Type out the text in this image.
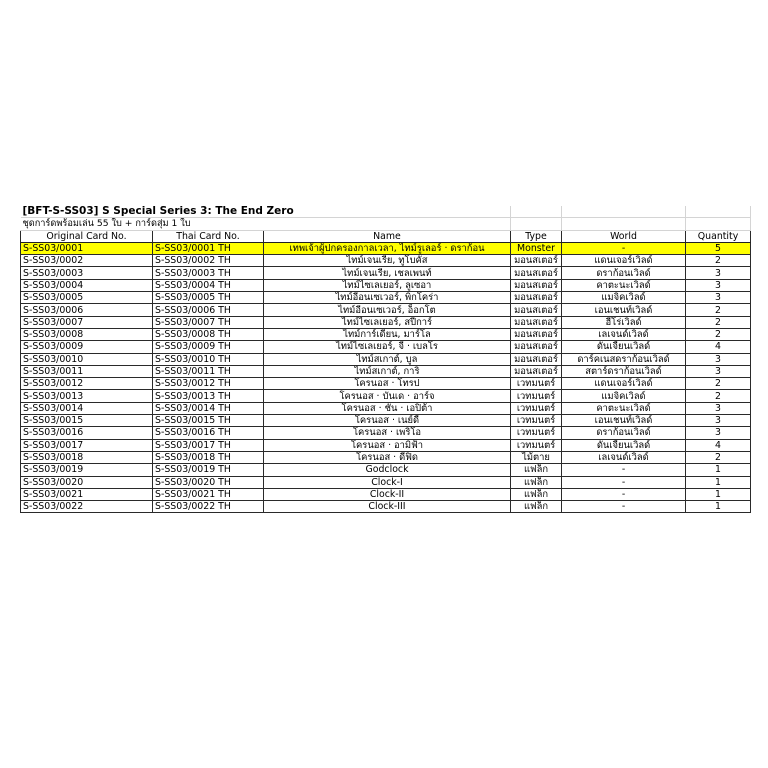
[BFT-S-SS03] S Special Series 3: The End Zero					
ชุดการ์ดพร้อมเล่น 55 ใบ + การ์ดสุ่ม 1 ใบ					
Original Card No.	Thai Card No.	Name	Type	World	Quantity
S-SS03/0001	S-SS03/0001 TH	เทพเจ้าผู้ปกครองกาลเวลา, ไทม์รูเลอร์ · ดราก้อน	Monster	-	5
S-SS03/0002	S-SS03/0002 TH	ไทม์เจนเรีย, ทูโบคัส	มอนสเตอร์	แดนเจอร์เวิลด์	2
S-SS03/0003	S-SS03/0003 TH	ไทม์เจนเรีย, เชลเพนท์	มอนสเตอร์	ดราก้อนเวิลด์	3
S-SS03/0004	S-SS03/0004 TH	ไทม์ไซเลเยอร์, ลูเซอา	มอนสเตอร์	คาตะนะเวิลด์	3
S-SS03/0005	S-SS03/0005 TH	ไทม์อีอนเซเวอร์, พิกโคร่า	มอนสเตอร์	แมจิคเวิลด์	3
S-SS03/0006	S-SS03/0006 TH	ไทม์อีอนเซเวอร์, อ็อกโต	มอนสเตอร์	เอนเชนท์เวิลด์	2
S-SS03/0007	S-SS03/0007 TH	ไทม์ไซเลเยอร์, สปีการ์	มอนสเตอร์	ฮีโร่เวิลด์	2
S-SS03/0008	S-SS03/0008 TH	ไทม์การ์เดียน, มาร์โล	มอนสเตอร์	เลเจนด์เวิลด์	2
S-SS03/0009	S-SS03/0009 TH	ไทม์ไซเลเยอร์, จี · เบลโร	มอนสเตอร์	ดันเจี้ยนเวิลด์	4
S-SS03/0010	S-SS03/0010 TH	ไทม์สเกาต์, บูล	มอนสเตอร์	ดาร์คเนสดราก้อนเวิลด์	3
S-SS03/0011	S-SS03/0011 TH	ไทม์สเกาต์, การิ	มอนสเตอร์	สตาร์ดราก้อนเวิลด์	3
S-SS03/0012	S-SS03/0012 TH	โครนอส · โทรป	เวทมนตร์	แดนเจอร์เวิลด์	2
S-SS03/0013	S-SS03/0013 TH	โครนอส · บันเด · อาร์จ	เวทมนตร์	แมจิคเวิลด์	2
S-SS03/0014	S-SS03/0014 TH	โครนอส · ชัน · เอปิต้า	เวทมนตร์	คาตะนะเวิลด์	3
S-SS03/0015	S-SS03/0015 TH	โครนอส · เนย์ดี้	เวทมนตร์	เอนเชนท์เวิลด์	3
S-SS03/0016	S-SS03/0016 TH	โครนอส · เพริโอ	เวทมนตร์	ดราก้อนเวิลด์	3
S-SS03/0017	S-SS03/0017 TH	โครนอส · อามิฟ้า	เวทมนตร์	ดันเจี้ยนเวิลด์	4
S-SS03/0018	S-SS03/0018 TH	โครนอส · ดีฟิด	ไม้ตาย	เลเจนด์เวิลด์	2
S-SS03/0019	S-SS03/0019 TH	Godclock	แฟล็ก	-	1
S-SS03/0020	S-SS03/0020 TH	Clock-I	แฟล็ก	-	1
S-SS03/0021	S-SS03/0021 TH	Clock-II	แฟล็ก	-	1
S-SS03/0022	S-SS03/0022 TH	Clock-III	แฟล็ก	-	1
